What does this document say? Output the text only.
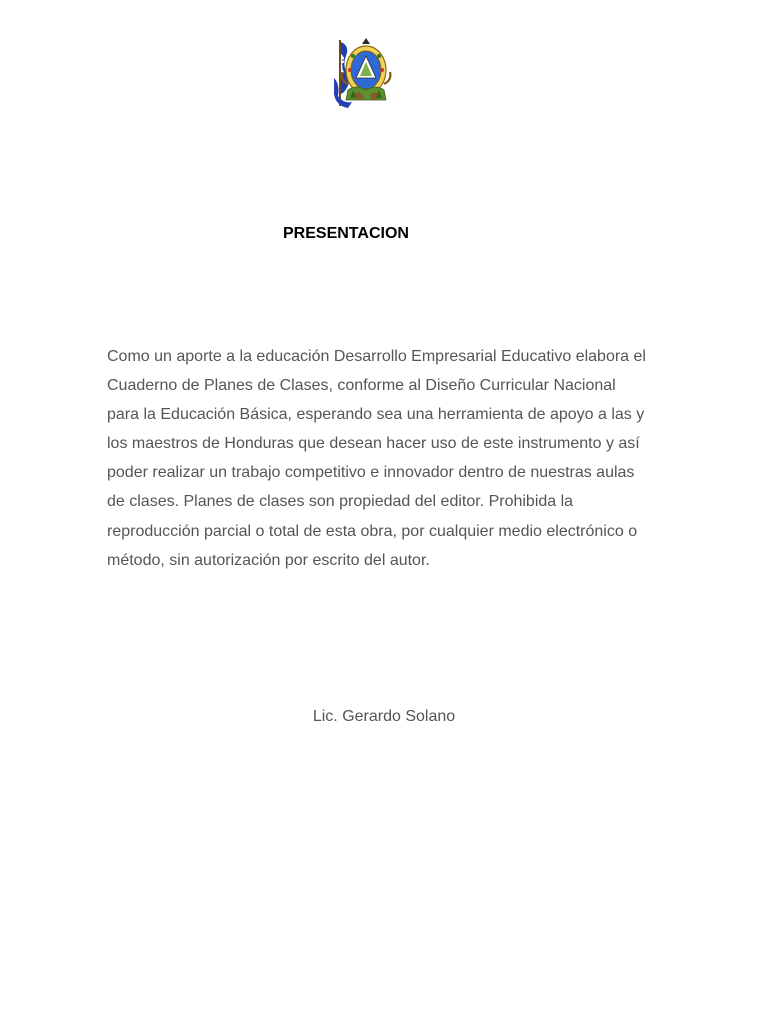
PRESENTACION

Como un aporte a la educación Desarrollo Empresarial Educativo elabora el
Cuaderno de Planes de Clases, conforme al Diseño Curricular Nacional
para la Educación Básica, esperando sea una herramienta de apoyo a las y
los maestros de Honduras que desean hacer uso de este instrumento y así
poder realizar un trabajo competitivo e innovador dentro de nuestras aulas
de clases. Planes de clases son propiedad del editor. Prohibida la
reproducción parcial o total de esta obra, por cualquier medio electrónico o
método, sin autorización por escrito del autor.

Lic. Gerardo Solano
